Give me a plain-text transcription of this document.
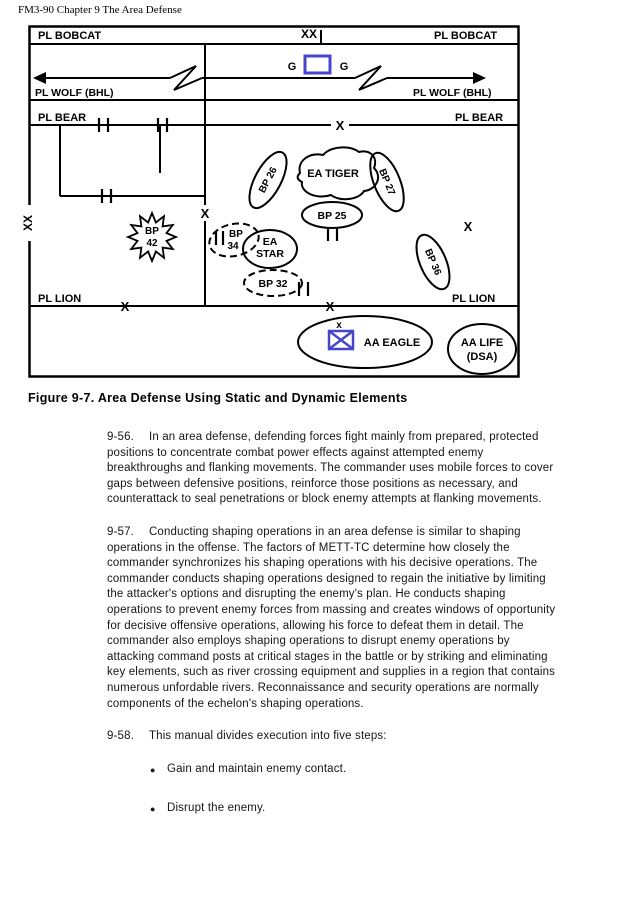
FM3-90 Chapter 9 The Area Defense
PL BOBCAT	PL BOBCAT
XX
G	G
PL WOLF (BHL)	PL WOLF (BHL)
PL BEAR	PL BEAR
X
X
X
X	X
XX
BP 26 EA TIGER BP 27
BP 25
BP
42
BP
34 EA
STAR
BP 32
BP 36
PL LION	PL LION
x
AA EAGLE	AA LIFE
(DSA)
Figure 9-7. Area Defense Using Static and Dynamic Elements

9-56. In an area defense, defending forces fight mainly from prepared, protected positions to concentrate combat power effects against attempted enemy breakthroughs and flanking movements. The commander uses mobile forces to cover gaps between defensive positions, reinforce those positions as necessary, and counterattack to seal penetrations or block enemy attempts at flanking movements.

9-57. Conducting shaping operations in an area defense is similar to shaping operations in the offense. The factors of METT-TC determine how closely the commander synchronizes his shaping operations with his decisive operations. The commander conducts shaping operations designed to regain the initiative by limiting the attacker's options and disrupting the enemy's plan. He conducts shaping operations to prevent enemy forces from massing and creates windows of opportunity for decisive offensive operations, allowing his force to defeat them in detail. The commander also employs shaping operations to disrupt enemy operations by attacking command posts at critical stages in the battle or by striking and eliminating key elements, such as river crossing equipment and supplies in a region that contains numerous unfordable rivers. Reconnaissance and security operations are normally components of the echelon's shaping operations.

9-58. This manual divides execution into five steps:

● Gain and maintain enemy contact.
● Disrupt the enemy.
